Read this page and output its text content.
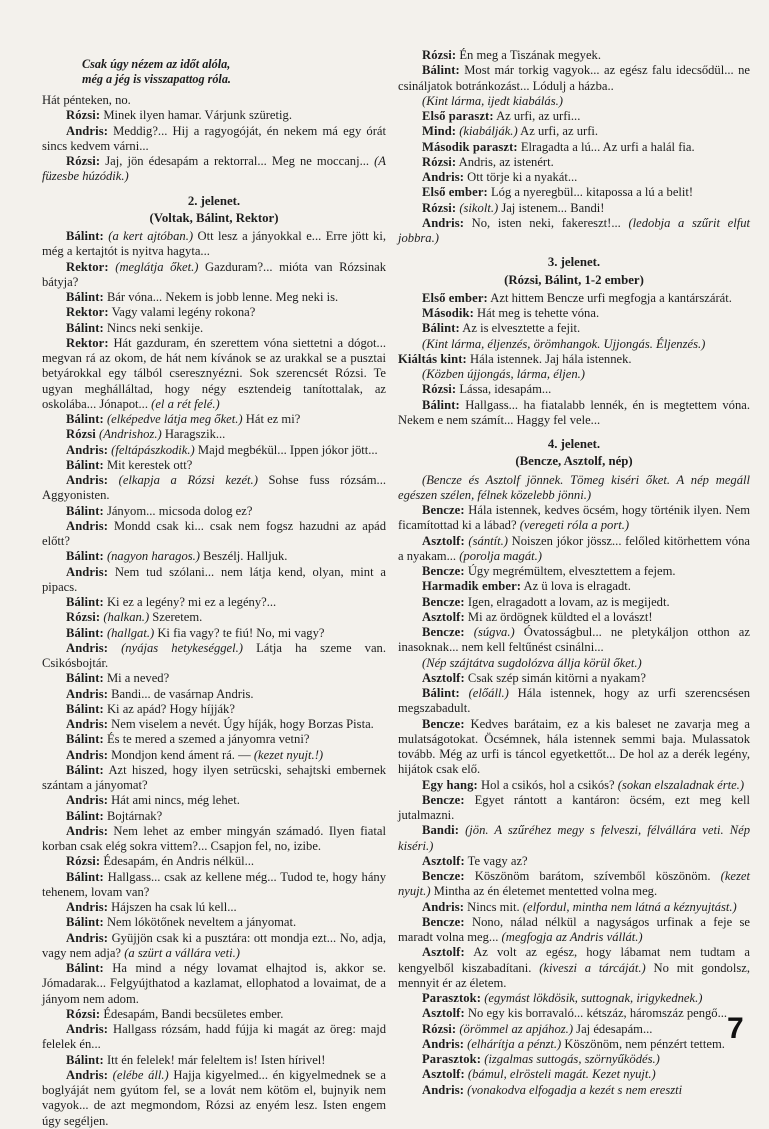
Csak úgy nézem az időt alóla,
még a jég is visszapattog róla.

Hát pénteken, no.

Rózsi: Minek ilyen hamar. Várjunk szüretig.

Andris: Meddig?... Hij a ragyogóját, én nekem má egy órát sincs kedvem várni...

Rózsi: Jaj, jön édesapám a rektorral... Meg ne moccanj... (A füzesbe húzódik.)

2. jelenet.

(Voltak, Bálint, Rektor)

Bálint: (a kert ajtóban.) Ott lesz a jányokkal e... Erre jött ki, még a kertajtót is nyitva hagyta...

Rektor: (meglátja őket.) Gazduram?... mióta van Rózsinak bátyja?

Bálint: Bár vóna... Nekem is jobb lenne. Meg neki is.

Rektor: Vagy valami legény rokona?

Bálint: Nincs neki senkije.

Rektor: Hát gazduram, én szerettem vóna siettetni a dógot... megvan rá az okom, de hát nem kívánok se az urakkal se a pusztai betyárokkal egy tálból cseresznyézni. Sok szerencsét Rózsi. Te ugyan meghálláltad, hogy négy esztendeig tanítottalak, az oskolába... Jónapot... (el a rét felé.)

Bálint: (elképedve látja meg őket.) Hát ez mi?

Rózsi (Andrishoz.) Haragszik...

Andris: (feltápászkodik.) Majd megbékül... Ippen jókor jött...

Bálint: Mit kerestek ott?

Andris: (elkapja a Rózsi kezét.) Sohse fuss rózsám... Aggyonisten.

Bálint: Jányom... micsoda dolog ez?

Andris: Mondd csak ki... csak nem fogsz hazudni az apád előtt?

Bálint: (nagyon haragos.) Beszélj. Halljuk.

Andris: Nem tud szólani... nem látja kend, olyan, mint a pipacs.

Bálint: Ki ez a legény? mi ez a legény?...

Rózsi: (halkan.) Szeretem.

Bálint: (hallgat.) Ki fia vagy? te fiú! No, mi vagy?

Andris: (nyájas hetykeséggel.) Látja ha szeme van. Csikósbojtár.

Bálint: Mi a neved?

Andris: Bandi... de vasárnap Andris.

Bálint: Ki az apád? Hogy híjják?

Andris: Nem viselem a nevét. Úgy híják, hogy Borzas Pista.

Bálint: És te mered a szemed a jányomra vetni?

Andris: Mondjon kend áment rá. — (kezet nyujt.!)

Bálint: Azt hiszed, hogy ilyen setrücski, sehajtski embernek szántam a jányomat?

Andris: Hát ami nincs, még lehet.

Bálint: Bojtárnak?

Andris: Nem lehet az ember mingyán számadó. Ilyen fiatal korban csak elég sokra vittem?... Csapjon fel, no, izibe.

Rózsi: Édesapám, én Andris nélkül...

Bálint: Hallgass... csak az kellene még... Tudod te, hogy hány tehenem, lovam van?

Andris: Hájszen ha csak lú kell...

Bálint: Nem lókötőnek neveltem a jányomat.

Andris: Gyüjjön csak ki a pusztára: ott mondja ezt... No, adja, vagy nem adja? (a szürt a vállára veti.)

Bálint: Ha mind a négy lovamat elhajtod is, akkor se. Jómadarak... Felgyújthatod a kazlamat, ellophatod a lovaimat, de a jányom nem adom.

Rózsi: Édesapám, Bandi becsületes ember.

Andris: Hallgass rózsám, hadd fújja ki magát az öreg: majd felelek én...

Bálint: Itt én felelek! már feleltem is! Isten hírivel!

Andris: (elébe áll.) Hajja kigyelmed... én kigyelmednek se a boglyáját nem gyútom fel, se a lovát nem kötöm el, bujnyik nem vagyok... de azt megmondom, Rózsi az enyém lesz. Isten engem úgy segéljen.

Rózsi: Én meg a Tiszának megyek.

Bálint: Most már torkig vagyok... az egész falu idecsődül... ne csináljatok botránkozást... Lódulj a házba..

(Kint lárma, ijedt kiabálás.)

Első paraszt: Az urfi, az urfi...

Mind: (kiabálják.) Az urfi, az urfi.

Második paraszt: Elragadta a lú... Az urfi a halál fia.

Rózsi: Andris, az istenért.

Andris: Ott törje ki a nyakát...

Első ember: Lóg a nyeregbül... kitapossa a lú a belit!

Rózsi: (sikolt.) Jaj istenem... Bandi!

Andris: No, isten neki, fakereszt!... (ledobja a szűrit elfut jobbra.)

3. jelenet.

(Rózsi, Bálint, 1-2 ember)

Első ember: Azt hittem Bencze urfi megfogja a kantárszárát.

Második: Hát meg is tehette vóna.

Bálint: Az is elvesztette a fejit.

(Kint lárma, éljenzés, örömhangok. Ujjongás. Éljenzés.)

Kiáltás kint: Hála istennek. Jaj hála istennek.

(Közben újjongás, lárma, éljen.)

Rózsi: Lássa, idesapám...

Bálint: Hallgass... ha fiatalabb lennék, én is megtettem vóna. Nekem e nem számít... Haggy fel vele...

4. jelenet.

(Bencze, Asztolf, nép)

(Bencze és Asztolf jönnek. Tömeg kiséri őket. A nép megáll egészen szélen, félnek közelebb jönni.)

Bencze: Hála istennek, kedves öcsém, hogy történik ilyen. Nem ficamítottad ki a lábad? (veregeti róla a port.)

Asztolf: (sántít.) Noiszen jókor jössz... felőled kitörhettem vóna a nyakam... (porolja magát.)

Bencze: Úgy megrémültem, elvesztettem a fejem.

Harmadik ember: Az ü lova is elragadt.

Bencze: Igen, elragadott a lovam, az is megijedt.

Asztolf: Mi az ördögnek küldted el a lovászt!

Bencze: (súgva.) Óvatosságbul... ne pletykáljon otthon az inasoknak... nem kell feltűnést csinálni...

(Nép szájtátva sugdolózva állja körül őket.)

Asztolf: Csak szép simán kitörni a nyakam?

Bálint: (előáll.) Hála istennek, hogy az urfi szerencsésen megszabadult.

Bencze: Kedves barátaim, ez a kis baleset ne zavarja meg a mulatságotokat. Öcsémnek, hála istennek semmi baja. Mulassatok tovább. Még az urfi is táncol egyetkettőt... De hol az a derék legény, hijátok csak elő.

Egy hang: Hol a csikós, hol a csikós? (sokan elszaladnak érte.)

Bencze: Egyet rántott a kantáron: öcsém, ezt meg kell jutalmazni.

Bandi: (jön. A szűréhez megy s felveszi, félvállára veti. Nép kiséri.)

Asztolf: Te vagy az?

Bencze: Köszönöm barátom, szívemből köszönöm. (kezet nyujt.) Mintha az én életemet mentetted volna meg.

Andris: Nincs mit. (elfordul, mintha nem látná a kéznyujtást.)

Bencze: Nono, nálad nélkül a nagyságos urfinak a feje se maradt volna meg... (megfogja az Andris vállát.)

Asztolf: Az volt az egész, hogy lábamat nem tudtam a kengyelből kiszabadítani. (kiveszi a tárcáját.) No mit gondolsz, mennyit ér az életem.

Parasztok: (egymást lökdösik, suttognak, irigykednek.)

Asztolf: No egy kis borravaló... kétszáz, háromszáz pengő...

Rózsi: (örömmel az apjához.) Jaj édesapám...

Andris: (elhárítja a pénzt.) Köszönöm, nem pénzért tettem.

Parasztok: (izgalmas suttogás, szörnyűködés.)

Asztolf: (bámul, elrösteli magát. Kezet nyujt.)

Andris: (vonakodva elfogadja a kezét s nem ereszti

7
